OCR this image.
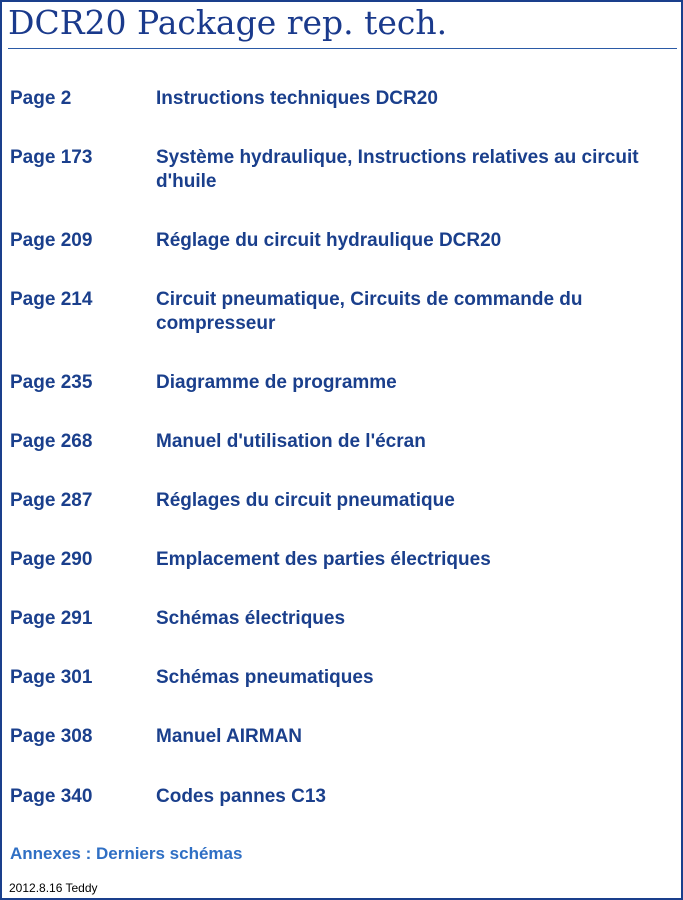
DCR20 Package rep. tech.
Page 2	Instructions techniques DCR20
Page 173	Système hydraulique, Instructions relatives au circuit d'huile
Page 209	Réglage du circuit hydraulique DCR20
Page 214	Circuit pneumatique, Circuits de commande du compresseur
Page 235	Diagramme de programme
Page 268	Manuel d'utilisation de l'écran
Page 287	Réglages du circuit pneumatique
Page 290	Emplacement des parties électriques
Page 291	Schémas électriques
Page 301	Schémas pneumatiques
Page 308	Manuel AIRMAN
Page 340	Codes pannes C13
Annexes : Derniers schémas
2012.8.16 Teddy
